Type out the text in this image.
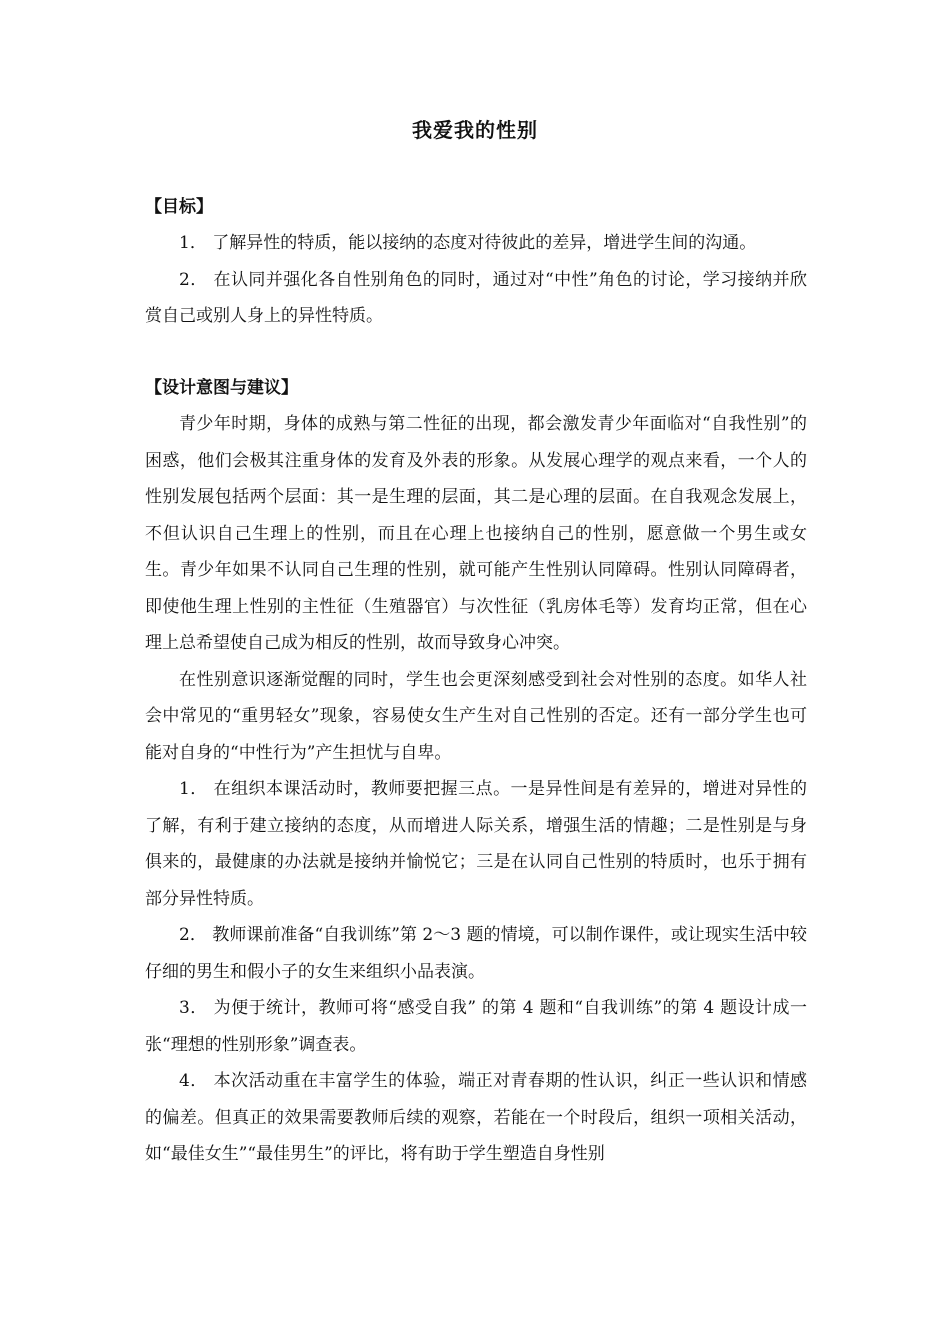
我爱我的性别
【目标】

1． 了解异性的特质，能以接纳的态度对待彼此的差异，增进学生间的沟通。

2． 在认同并强化各自性别角色的同时，通过对“中性”角色的讨论，学习接纳并欣赏自己或别人身上的异性特质。

【设计意图与建议】

青少年时期，身体的成熟与第二性征的出现，都会激发青少年面临对“自我性别”的困惑，他们会极其注重身体的发育及外表的形象。从发展心理学的观点来看，一个人的性别发展包括两个层面：其一是生理的层面，其二是心理的层面。在自我观念发展上，不但认识自己生理上的性别，而且在心理上也接纳自己的性别，愿意做一个男生或女生。青少年如果不认同自己生理的性别，就可能产生性别认同障碍。性别认同障碍者，即使他生理上性别的主性征（生殖器官）与次性征（乳房体毛等）发育均正常，但在心理上总希望使自己成为相反的性别，故而导致身心冲突。

在性别意识逐渐觉醒的同时，学生也会更深刻感受到社会对性别的态度。如华人社会中常见的“重男轻女”现象，容易使女生产生对自己性别的否定。还有一部分学生也可能对自身的“中性行为”产生担忧与自卑。

1． 在组织本课活动时，教师要把握三点。一是异性间是有差异的，增进对异性的了解，有利于建立接纳的态度，从而增进人际关系，增强生活的情趣；二是性别是与身俱来的，最健康的办法就是接纳并愉悦它；三是在认同自己性别的特质时，也乐于拥有部分异性特质。

2． 教师课前准备“自我训练”第 2～3 题的情境，可以制作课件，或让现实生活中较仔细的男生和假小子的女生来组织小品表演。

3． 为便于统计，教师可将“感受自我” 的第 4 题和“自我训练”的第 4 题设计成一张“理想的性别形象”调查表。

4． 本次活动重在丰富学生的体验，端正对青春期的性认识，纠正一些认识和情感的偏差。但真正的效果需要教师后续的观察，若能在一个时段后，组织一项相关活动，如“最佳女生”“最佳男生”的评比，将有助于学生塑造自身性别
